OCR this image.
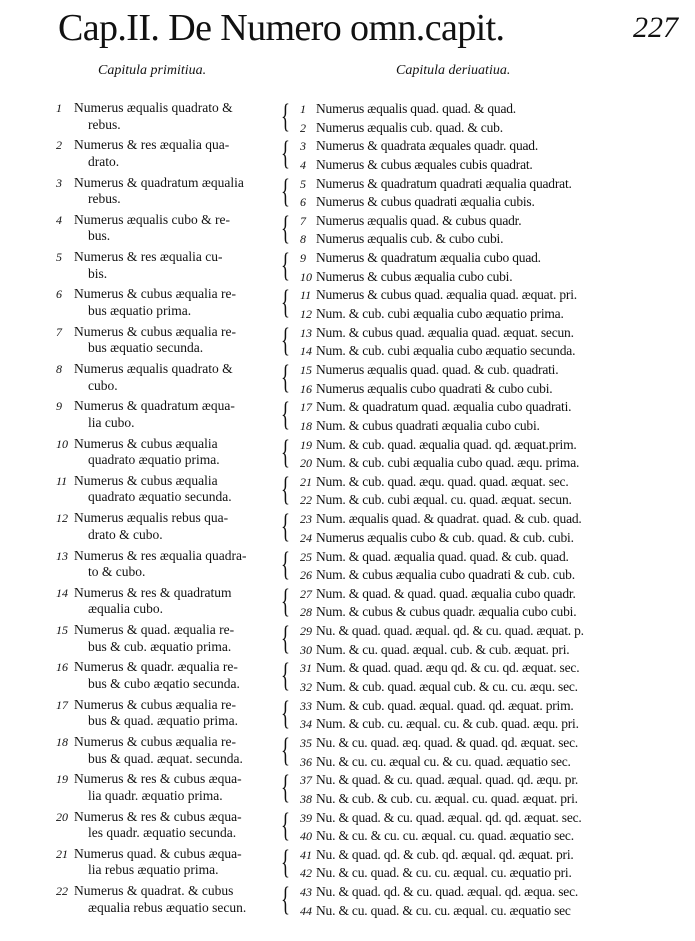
Cap.II. De Numero omn.capit.	227
Capitula primitiua.	Capitula deriuatiua.
1 Numerus æqualis quadrato &
rebus.	{ 1 Numerus æqualis quad. quad. & quad.
2 Numerus æqualis cub. quad. & cub.
2 Numerus & res æqualia qua-
drato.	{ 3 Numerus & quadrata æquales quadr. quad.
4 Numerus & cubus æquales cubis quadrat.
3 Numerus & quadratum æqualia
rebus.	{ 5 Numerus & quadratum quadrati æqualia quadrat.
6 Numerus & cubus quadrati æqualia cubis.
4 Numerus æqualis cubo & re-
bus.	{ 7 Numerus æqualis quad. & cubus quadr.
8 Numerus æqualis cub. & cubo cubi.
5 Numerus & res æqualia cu-
bis.	{ 9 Numerus & quadratum æqualia cubo quad.
10 Numerus & cubus æqualia cubo cubi.
6 Numerus & cubus æqualia re-
bus æquatio prima.	{ 11 Numerus & cubus quad. æqualia quad. æquat. pri.
12 Num. & cub. cubi æqualia cubo æquatio prima.
7 Numerus & cubus æqualia re-
bus æquatio secunda.	{ 13 Num. & cubus quad. æqualia quad. æquat. secun.
14 Num. & cub. cubi æqualia cubo æquatio secunda.
8 Numerus æqualis quadrato &
cubo.	{ 15 Numerus æqualis quad. quad. & cub. quadrati.
16 Numerus æqualis cubo quadrati & cubo cubi.
9 Numerus & quadratum æqua-
lia cubo.	{ 17 Num. & quadratum quad. æqualia cubo quadrati.
18 Num. & cubus quadrati æqualia cubo cubi.
10 Numerus & cubus æqualia
quadrato æquatio prima.	{ 19 Num. & cub. quad. æqualia quad. qd. æquat.prim.
20 Num. & cub. cubi æqualia cubo quad. æqu. prima.
11 Numerus & cubus æqualia
quadrato æquatio secunda.	{ 21 Num. & cub. quad. æqu. quad. quad. æquat. sec.
22 Num. & cub. cubi æqual. cu. quad. æquat. secun.
12 Numerus æqualis rebus qua-
drato & cubo.	{ 23 Num. æqualis quad. & quadrat. quad. & cub. quad.
24 Numerus æqualis cubo & cub. quad. & cub. cubi.
13 Numerus & res æqualia quadra-
to & cubo.	{ 25 Num. & quad. æqualia quad. quad. & cub. quad.
26 Num. & cubus æqualia cubo quadrati & cub. cub.
14 Numerus & res & quadratum
æqualia cubo.	{ 27 Num. & quad. & quad. quad. æqualia cubo quadr.
28 Num. & cubus & cubus quadr. æqualia cubo cubi.
15 Numerus & quad. æqualia re-
bus & cub. æquatio prima.	{ 29 Nu. & quad. quad. æqual. qd. & cu. quad. æquat. p.
30 Num. & cu. quad. æqual. cub. & cub. æquat. pri.
16 Numerus & quadr. æqualia re-
bus & cubo æqatio secunda.	{ 31 Num. & quad. quad. æqu qd. & cu. qd. æquat. sec.
32 Num. & cub. quad. æqual cub. & cu. cu. æqu. sec.
17 Numerus & cubus æqualia re-
bus & quad. æquatio prima.	{ 33 Num. & cub. quad. æqual. quad. qd. æquat. prim.
34 Num. & cub. cu. æqual. cu. & cub. quad. æqu. pri.
18 Numerus & cubus æqualia re-
bus & quad. æquat. secunda.	{ 35 Nu. & cu. quad. æq. quad. & quad. qd. æquat. sec.
36 Nu. & cu. cu. æqual cu. & cu. quad. æquatio sec.
19 Numerus & res & cubus æqua-
lia quadr. æquatio prima.	{ 37 Nu. & quad. & cu. quad. æqual. quad. qd. æqu. pr.
38 Nu. & cub. & cub. cu. æqual. cu. quad. æquat. pri.
20 Numerus & res & cubus æqua-
les quadr. æquatio secunda.	{ 39 Nu. & quad. & cu. quad. æqual. qd. qd. æquat. sec.
40 Nu. & cu. & cu. cu. æqual. cu. quad. æquatio sec.
21 Numerus quad. & cubus æqua-
lia rebus æquatio prima.	{ 41 Nu. & quad. qd. & cub. qd. æqual. qd. æquat. pri.
42 Nu. & cu. quad. & cu. cu. æqual. cu. æquatio pri.
22 Numerus & quadrat. & cubus
æqualia rebus æquatio secun.	{ 43 Nu. & quad. qd. & cu. quad. æqual. qd. æqua. sec.
44 Nu. & cu. quad. & cu. cu. æqual. cu. æquatio sec
